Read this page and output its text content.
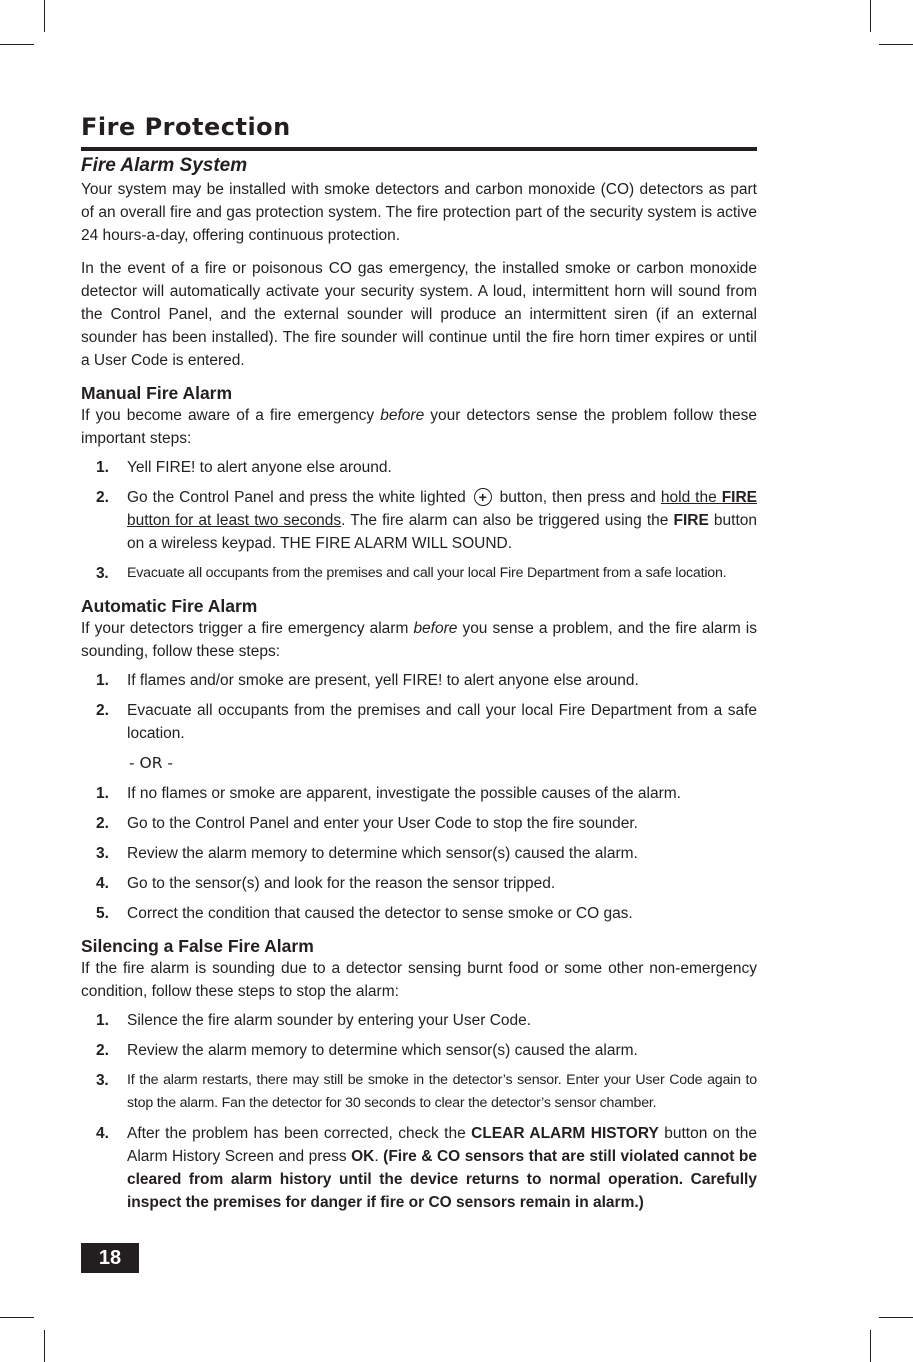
Fire Protection
Fire Alarm System

Your system may be installed with smoke detectors and carbon monoxide (CO) detectors as part of an overall fire and gas protection system. The fire protection part of the security system is active 24 hours-a-day, offering continuous protection.

In the event of a fire or poisonous CO gas emergency, the installed smoke or carbon monoxide detector will automatically activate your security system. A loud, intermittent horn will sound from the Control Panel, and the external sounder will produce an intermittent siren (if an external sounder has been installed). The fire sounder will continue until the fire horn timer expires or until a User Code is entered.

Manual Fire Alarm

If you become aware of a fire emergency before your detectors sense the problem follow these important steps:

1. Yell FIRE! to alert anyone else around.
2. Go the Control Panel and press the white lighted + button, then press and hold the FIRE button for at least two seconds. The fire alarm can also be triggered using the FIRE button on a wireless keypad. THE FIRE ALARM WILL SOUND.
3. Evacuate all occupants from the premises and call your local Fire Department from a safe location.
Automatic Fire Alarm

If your detectors trigger a fire emergency alarm before you sense a problem, and the fire alarm is sounding, follow these steps:

1. If flames and/or smoke are present, yell FIRE! to alert anyone else around.
2. Evacuate all occupants from the premises and call your local Fire Department from a safe location.
- OR -
1. If no flames or smoke are apparent, investigate the possible causes of the alarm.
2. Go to the Control Panel and enter your User Code to stop the fire sounder.
3. Review the alarm memory to determine which sensor(s) caused the alarm.
4. Go to the sensor(s) and look for the reason the sensor tripped.
5. Correct the condition that caused the detector to sense smoke or CO gas.
Silencing a False Fire Alarm

If the fire alarm is sounding due to a detector sensing burnt food or some other non-emergency condition, follow these steps to stop the alarm:

1. Silence the fire alarm sounder by entering your User Code.
2. Review the alarm memory to determine which sensor(s) caused the alarm.
3. If the alarm restarts, there may still be smoke in the detector’s sensor. Enter your User Code again to stop the alarm. Fan the detector for 30 seconds to clear the detector’s sensor chamber.
4. After the problem has been corrected, check the CLEAR ALARM HISTORY button on the Alarm History Screen and press OK. (Fire & CO sensors that are still violated cannot be cleared from alarm history until the device returns to normal operation. Carefully inspect the premises for danger if fire or CO sensors remain in alarm.)
18
